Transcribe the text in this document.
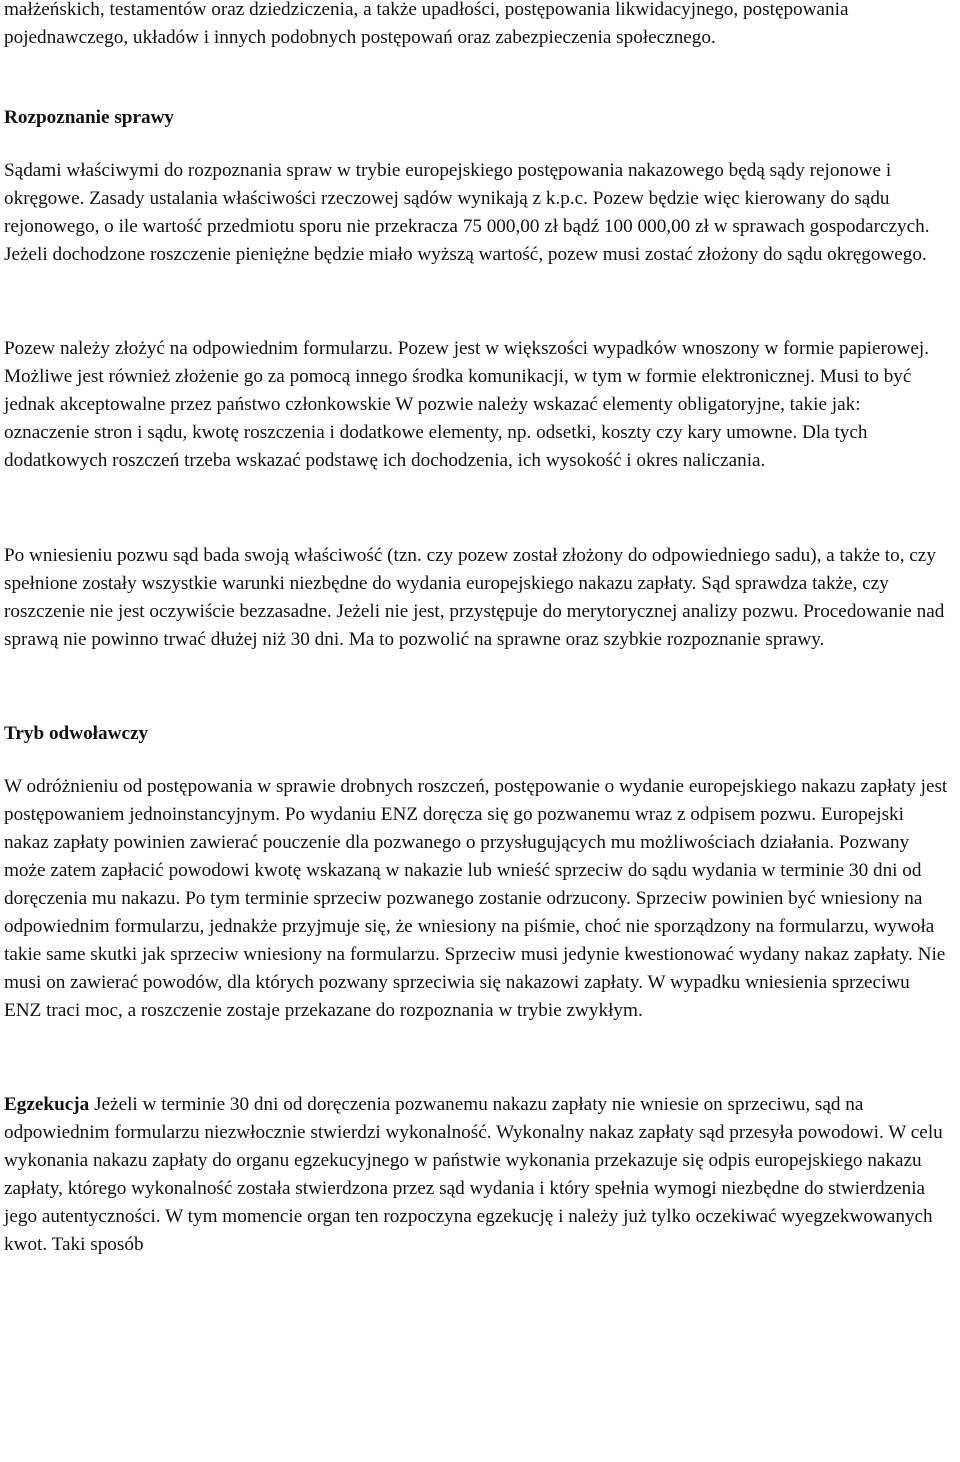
małżeńskich, testamentów oraz dziedziczenia, a także upadłości, postępowania likwidacyjnego, postępowania pojednawczego, układów i innych podobnych postępowań oraz zabezpieczenia społecznego.

Rozpoznanie sprawy

Sądami właściwymi do rozpoznania spraw w trybie europejskiego postępowania nakazowego będą sądy rejonowe i okręgowe. Zasady ustalania właściwości rzeczowej sądów wynikają z k.p.c. Pozew będzie więc kierowany do sądu rejonowego, o ile wartość przedmiotu sporu nie przekracza 75 000,00 zł bądź 100 000,00 zł w sprawach gospodarczych. Jeżeli dochodzone roszczenie pieniężne będzie miało wyższą wartość, pozew musi zostać złożony do sądu okręgowego.

Pozew należy złożyć na odpowiednim formularzu. Pozew jest w większości wypadków wnoszony w formie papierowej. Możliwe jest również złożenie go za pomocą innego środka komunikacji, w tym w formie elektronicznej. Musi to być jednak akceptowalne przez państwo członkowskie W pozwie należy wskazać elementy obligatoryjne, takie jak: oznaczenie stron i sądu, kwotę roszczenia i dodatkowe elementy, np. odsetki, koszty czy kary umowne. Dla tych dodatkowych roszczeń trzeba wskazać podstawę ich dochodzenia, ich wysokość i okres naliczania.

Po wniesieniu pozwu sąd bada swoją właściwość (tzn. czy pozew został złożony do odpowiedniego sadu), a także to, czy spełnione zostały wszystkie warunki niezbędne do wydania europejskiego nakazu zapłaty. Sąd sprawdza także, czy roszczenie nie jest oczywiście bezzasadne. Jeżeli nie jest, przystępuje do merytorycznej analizy pozwu. Procedowanie nad sprawą nie powinno trwać dłużej niż 30 dni. Ma to pozwolić na sprawne oraz szybkie rozpoznanie sprawy.

Tryb odwoławczy

W odróżnieniu od postępowania w sprawie drobnych roszczeń, postępowanie o wydanie europejskiego nakazu zapłaty jest postępowaniem jednoinstancyjnym. Po wydaniu ENZ doręcza się go pozwanemu wraz z odpisem pozwu. Europejski nakaz zapłaty powinien zawierać pouczenie dla pozwanego o przysługujących mu możliwościach działania. Pozwany może zatem zapłacić powodowi kwotę wskazaną w nakazie lub wnieść sprzeciw do sądu wydania w terminie 30 dni od doręczenia mu nakazu. Po tym terminie sprzeciw pozwanego zostanie odrzucony. Sprzeciw powinien być wniesiony na odpowiednim formularzu, jednakże przyjmuje się, że wniesiony na piśmie, choć nie sporządzony na formularzu, wywoła takie same skutki jak sprzeciw wniesiony na formularzu. Sprzeciw musi jedynie kwestionować wydany nakaz zapłaty. Nie musi on zawierać powodów, dla których pozwany sprzeciwia się nakazowi zapłaty. W wypadku wniesienia sprzeciwu ENZ traci moc, a roszczenie zostaje przekazane do rozpoznania w trybie zwykłym.

Egzekucja Jeżeli w terminie 30 dni od doręczenia pozwanemu nakazu zapłaty nie wniesie on sprzeciwu, sąd na odpowiednim formularzu niezwłocznie stwierdzi wykonalność. Wykonalny nakaz zapłaty sąd przesyła powodowi. W celu wykonania nakazu zapłaty do organu egzekucyjnego w państwie wykonania przekazuje się odpis europejskiego nakazu zapłaty, którego wykonalność została stwierdzona przez sąd wydania i który spełnia wymogi niezbędne do stwierdzenia jego autentyczności. W tym momencie organ ten rozpoczyna egzekucję i należy już tylko oczekiwać wyegzekwowanych kwot. Taki sposób
